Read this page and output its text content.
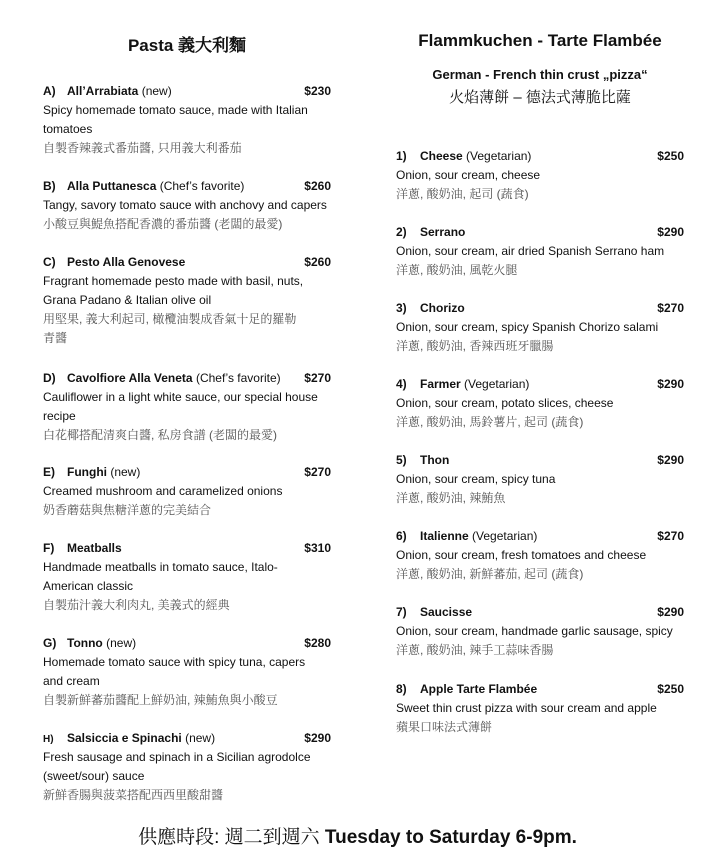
Pasta 義大利麵	Flammkuchen - Tarte Flambée
German - French thin crust „pizza“
火焰薄餅 – 德法式薄脆比薩
A) All’Arrabiata (new)	$230
Spicy homemade tomato sauce, made with Italian
tomatoes
自製香辣義式番茄醬, 只用義大利番茄
B) Alla Puttanesca (Chef’s favorite)	$260
Tangy, savory tomato sauce with anchovy and capers
小酸豆與鯷魚搭配香濃的番茄醬 (老闆的最愛)
C) Pesto Alla Genovese	$260
Fragrant homemade pesto made with basil, nuts,
Grana Padano & Italian olive oil
用堅果, 義大利起司, 橄欖油製成香氣十足的羅勒
青醬
D) Cavolfiore Alla Veneta (Chef’s favorite) $270
Cauliflower in a light white sauce, our special house
recipe
白花椰搭配清爽白醬, 私房食譜 (老闆的最愛)
E) Funghi (new)	$270
Creamed mushroom and caramelized onions
奶香蘑菇與焦糖洋蔥的完美結合
F) Meatballs	$310
Handmade meatballs in tomato sauce, Italo-
American classic
自製茄汁義大利肉丸, 美義式的經典
G) Tonno (new)	$280
Homemade tomato sauce with spicy tuna, capers
and cream
自製新鮮蕃茄醬配上鮮奶油, 辣鮪魚與小酸豆
H) Salsiccia e Spinachi (new)	$290
Fresh sausage and spinach in a Sicilian agrodolce
(sweet/sour) sauce
新鮮香腸與菠菜搭配西西里酸甜醬
1) Cheese (Vegetarian)	$250
Onion, sour cream, cheese
洋蔥, 酸奶油, 起司 (蔬食)
2) Serrano	$290
Onion, sour cream, air dried Spanish Serrano ham
洋蔥, 酸奶油, 風乾火腿
3) Chorizo	$270
Onion, sour cream, spicy Spanish Chorizo salami
洋蔥, 酸奶油, 香辣西班牙臘腸
4) Farmer (Vegetarian)	$290
Onion, sour cream, potato slices, cheese
洋蔥, 酸奶油, 馬鈴薯片, 起司 (蔬食)
5) Thon	$290
Onion, sour cream, spicy tuna
洋蔥, 酸奶油, 辣鮪魚
6) Italienne (Vegetarian)	$270
Onion, sour cream, fresh tomatoes and cheese
洋蔥, 酸奶油, 新鮮蕃茄, 起司 (蔬食)
7) Saucisse	$290
Onion, sour cream, handmade garlic sausage, spicy
洋蔥, 酸奶油, 辣手工蒜味香腸
8) Apple Tarte Flambée	$250
Sweet thin crust pizza with sour cream and apple
蘋果口味法式薄餅
供應時段: 週二到週六 Tuesday to Saturday 6-9pm.
